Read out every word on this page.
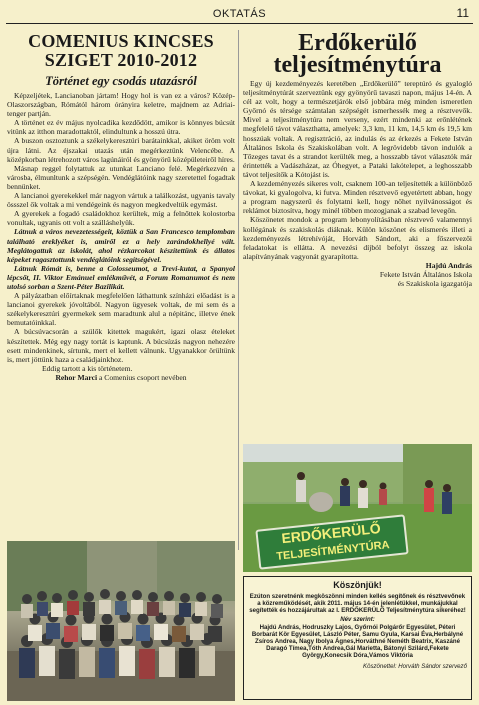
OKTATÁS	11
COMENIUS KINCSES SZIGET 2010-2012
Történet egy csodás utazásról

Képzeljétek, Lancianoban jártam! Hogy hol is van ez a város? Közép-Olaszországban, Rómától három órányira keletre, majdnem az Adriai-tenger partján.

A történet ez év május nyolcadika kezdődött, amikor is könnyes búcsút vitünk az itthon maradottaktól, elindultunk a hosszú útra.

A buszon osztoztunk a székelykeresztúri barátainkkal, akiket öröm volt újra látni. Az éjszakai utazás után megérkeztünk Velencébe. A középkorban létrehozott város lagúnáiról és gyönyörű középületeiről híres.

Másnap reggel folytattuk az utunkat Lanciano felé. Megérkezvén a városba, élmunltunk a szépségén. Vendéglátóink nagy szeretettel fogadtak bennünket.

A lancianoi gyerekekkel már nagyon vártuk a találkozást, ugyanis tavaly össszel ők voltak a mi vendégeink és nagyon megkedveltük egymást.

A gyerekek a fogadó családokhoz kerültek, míg a felnőttek kolostorba vonultak, ugyanis ott volt a szálláshelyük.

Látnuk a város nevezetességeit, köztük a San Francesco templomban található ereklyéket is, amiről ez a hely zarándokhellyé vált. Meglátogattuk az iskolát, ahol rézkarcokat készítettünk és állatos képeket ragasztottunk vendéglátóink segítségével.

Látnuk Rómát is, benne a Colosseumot, a Trevi-kutat, a Spanyol lépcsőt, II. Viktor Emánuel emlékművét, a Forum Romanumot és nem utolsó sorban a Szent-Péter Bazilikát.

A pályázatban előírtaknak megfelelően láthattunk színházi előadást is a lancianoi gyerekek jóvoltából. Nagyon ügyesek voltak, de mi sem és a székelykeresztúri gyermekek sem maradtunk alul a népitánc, illetve ének bemutatóinkkal.

A búcsúvacsorán a szülők kitettek magukért, igazi olasz ételeket készítettek. Még egy nagy tortát is kaptunk. A búcsúzás nagyon nehezére esett mindenkinek, sírtunk, mert el kellett válnunk. Ugyanakkor örültünk is, mert jöttünk haza a családjainkhoz.

Eddig tartott a kis történetem.

Rehor Marci a Comenius csoport nevében
Erdőkerülő teljesítménytúra

Egy új kezdeményezés keretében „Erdőkerülő” tereptúró és gyalogló teljesítménytúrát szerveztünk egy gyönyörű tavaszi napon, május 14-én. A cél az volt, hogy a természetjárók első jobbára még minden ismeretlen Győrnó és térsége számtalan szépségét ismerhessék meg a résztvevők. Mivel a teljesítménytúra nem verseny, ezért mindenki az erőnlétének megfelelő távot választhatta, amelyek: 3,3 km, 11 km, 14,5 km és 19,5 km hosszúak voltak. A regisztráció, az indulás és az érkezés a Fekete István Általános Iskola és Szakiskolában volt. A legrövidebb távon indulók a Tőzeges tavat és a strandot kerülték meg, a hosszabb távot választók már érintették a Vadászházat, az Óhegyet, a Pataki lakótelepet, a leghosszabb távot teljesítők a Kótojást is.

A kezdeményezés sikeres volt, csaknem 100-an teljesítették a különböző távokat, ki gyalogolva, ki futva. Minden résztvevő egyetértett abban, hogy a program nagyszerű és folytatni kell, hogy nőhet nyilvánosságot és reklámot biztosítva, hogy minél többen mozogjanak a szabad levegőn.

Köszönetet mondok a program lebonyolításában résztvevő valamennyi kollégának és szakiskolás diáknak. Külön köszönet és elismerés illeti a kezdeményezés létrehívóját, Horváth Sándort, aki a főszervezői feladatokat is ellátta. A nevezési díjból befolyt összeg az iskola alapítványának vagyonát gyarapította.

Hajdú András
Fekete István Általános Iskola
és Szakiskola igazgatója
ERDŐKERÜLŐ
TELJESÍTMÉNYTÚRA
Köszönjük!
Ezúton szeretnénk megköszönni minden kellés segítőnek és résztvevőnek a közreműködését, akik 2011. május 14-én jelenlétükkel, munkájukkal segítették és hozzájárultak az I. ERDŐKERÜLŐ Teljesítménytúra sikeréhez!
Név szerint:
Hajdú András, Hodruszky Lajos, Győrnói Polgárőr Egyesület, Péteri Borbarát Kör Egyesület, László Péter, Samu Gyula, Karsai Éva,Herbályné Zsíros Andrea, Nagy Ibolya Ágnes,Horváthné Neméth Beatrix, Kaszáné Daragó Tímea,Tóth Andrea,Gál Marietta, Bátonyi Szilárd,Fekete György,Konecsik Dóra,Vámos Viktória
Köszönettel: Horváth Sándor szervező
